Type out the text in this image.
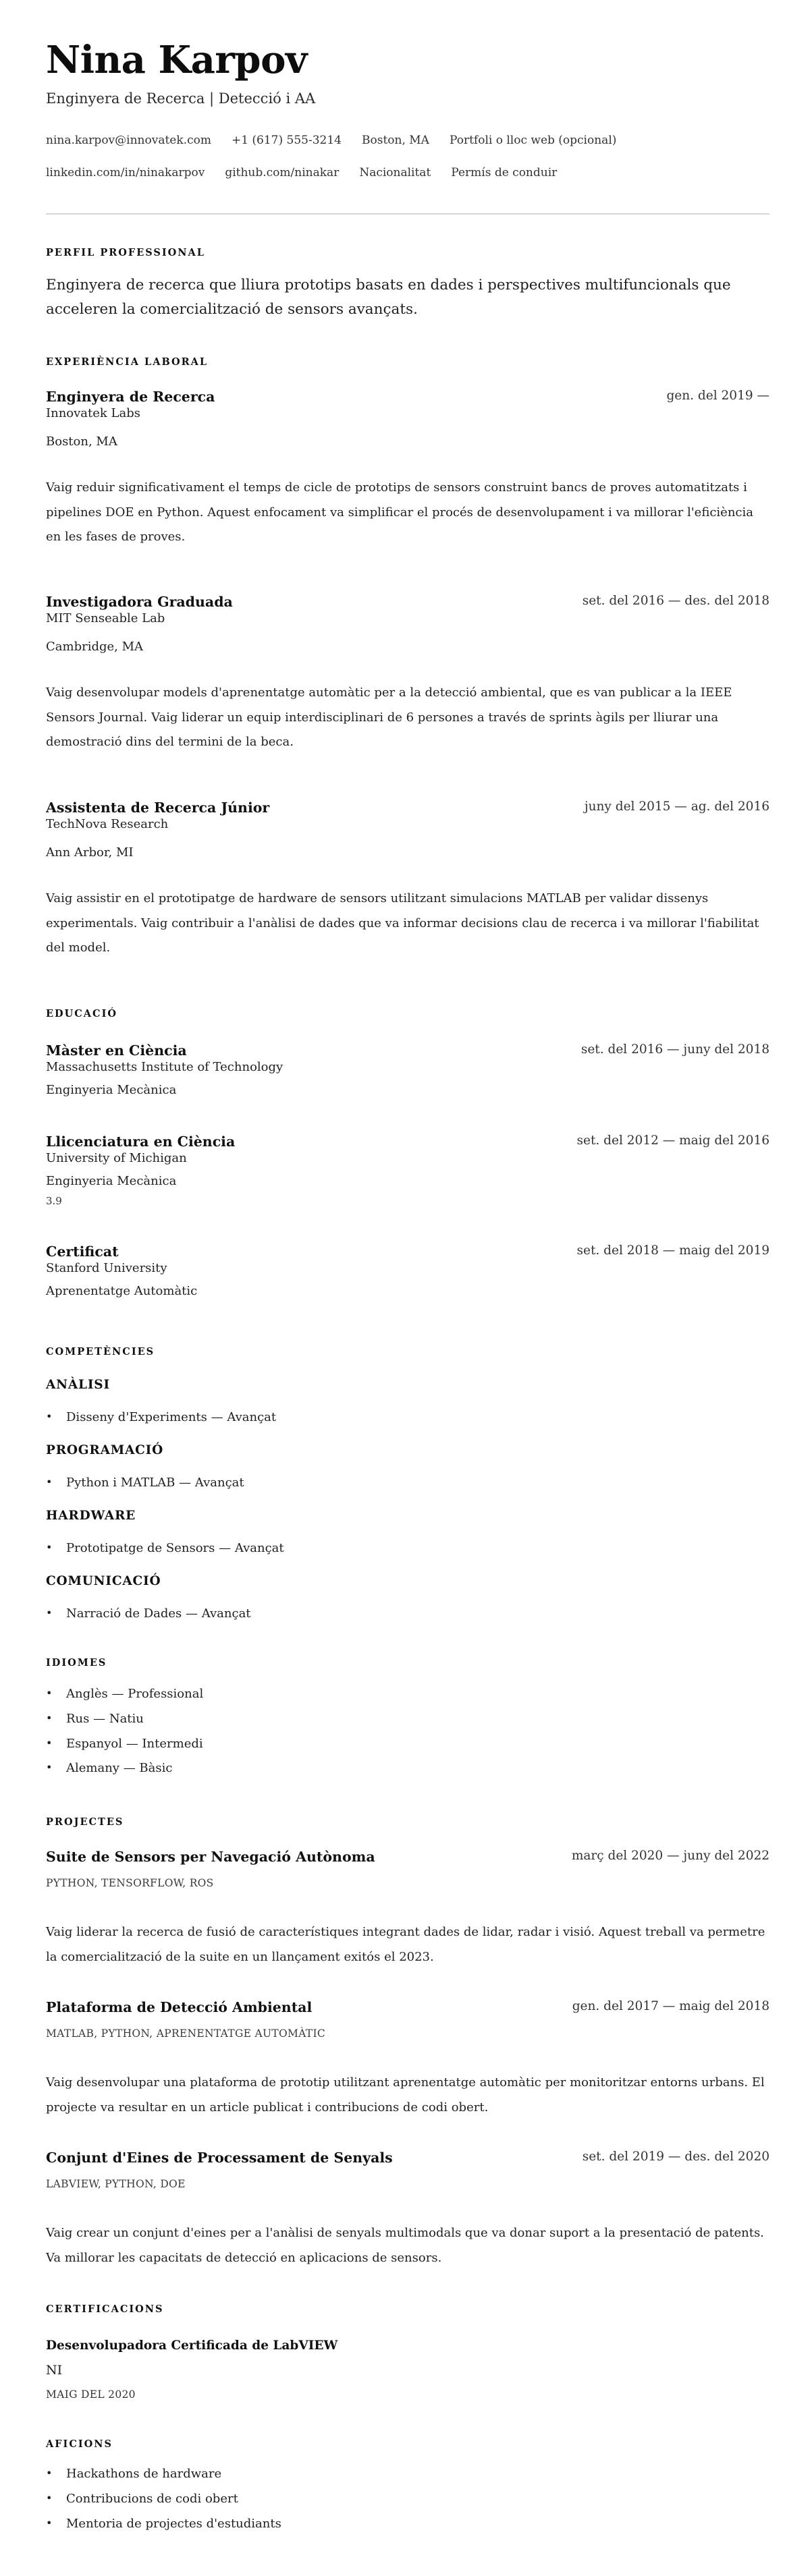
Nina Karpov
Enginyera de Recerca | Detecció i AA
nina.karpov@innovatek.com +1 (617) 555-3214 Boston, MA Portfoli o lloc web (opcional)
linkedin.com/in/ninakarpov github.com/ninakar Nacionalitat Permís de conduir
PERFIL PROFESSIONAL
Enginyera de recerca que lliura prototips basats en dades i perspectives multifuncionals que acceleren la comercialització de sensors avançats.
EXPERIÈNCIA LABORAL
Enginyera de Recerca	gen. del 2019 —
Innovatek Labs
Boston, MA
Vaig reduir significativament el temps de cicle de prototips de sensors construint bancs de proves automatitzats i pipelines DOE en Python. Aquest enfocament va simplificar el procés de desenvolupament i va millorar l'eficiència en les fases de proves.
Investigadora Graduada	set. del 2016 — des. del 2018
MIT Senseable Lab
Cambridge, MA
Vaig desenvolupar models d'aprenentatge automàtic per a la detecció ambiental, que es van publicar a la IEEE Sensors Journal. Vaig liderar un equip interdisciplinari de 6 persones a través de sprints àgils per lliurar una demostració dins del termini de la beca.
Assistenta de Recerca Júnior	juny del 2015 — ag. del 2016
TechNova Research
Ann Arbor, MI
Vaig assistir en el prototipatge de hardware de sensors utilitzant simulacions MATLAB per validar dissenys experimentals. Vaig contribuir a l'anàlisi de dades que va informar decisions clau de recerca i va millorar l'fiabilitat del model.
EDUCACIÓ
Màster en Ciència	set. del 2016 — juny del 2018
Massachusetts Institute of Technology
Enginyeria Mecànica
Llicenciatura en Ciència	set. del 2012 — maig del 2016
University of Michigan
Enginyeria Mecànica
3.9
Certificat	set. del 2018 — maig del 2019
Stanford University
Aprenentatge Automàtic
COMPETÈNCIES
ANÀLISI
• Disseny d'Experiments — Avançat
PROGRAMACIÓ
• Python i MATLAB — Avançat
HARDWARE
• Prototipatge de Sensors — Avançat
COMUNICACIÓ
• Narració de Dades — Avançat
IDIOMES
• Anglès — Professional
• Rus — Natiu
• Espanyol — Intermedi
• Alemany — Bàsic
PROJECTES
Suite de Sensors per Navegació Autònoma	març del 2020 — juny del 2022
PYTHON, TENSORFLOW, ROS
Vaig liderar la recerca de fusió de característiques integrant dades de lidar, radar i visió. Aquest treball va permetre la comercialització de la suite en un llançament exitós el 2023.
Plataforma de Detecció Ambiental	gen. del 2017 — maig del 2018
MATLAB, PYTHON, APRENENTATGE AUTOMÀTIC
Vaig desenvolupar una plataforma de prototip utilitzant aprenentatge automàtic per monitoritzar entorns urbans. El projecte va resultar en un article publicat i contribucions de codi obert.
Conjunt d'Eines de Processament de Senyals	set. del 2019 — des. del 2020
LABVIEW, PYTHON, DOE
Vaig crear un conjunt d'eines per a l'anàlisi de senyals multimodals que va donar suport a la presentació de patents. Va millorar les capacitats de detecció en aplicacions de sensors.
CERTIFICACIONS
Desenvolupadora Certificada de LabVIEW
NI
MAIG DEL 2020
AFICIONS
• Hackathons de hardware
• Contribucions de codi obert
• Mentoria de projectes d'estudiants
